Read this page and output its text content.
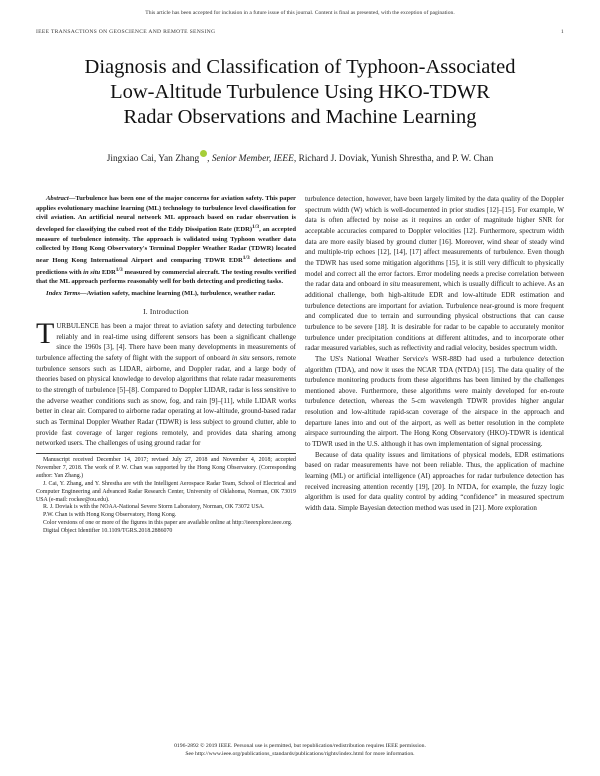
This article has been accepted for inclusion in a future issue of this journal. Content is final as presented, with the exception of pagination.
IEEE TRANSACTIONS ON GEOSCIENCE AND REMOTE SENSING	1
Diagnosis and Classification of Typhoon-Associated
Low-Altitude Turbulence Using HKO-TDWR
Radar Observations and Machine Learning
Jingxiao Cai, Yan Zhang , Senior Member, IEEE, Richard J. Doviak, Yunish Shrestha, and P. W. Chan

Abstract—Turbulence has been one of the major concerns for aviation safety. This paper applies evolutionary machine learning (ML) technology to turbulence level classification for civil aviation. An artificial neural network ML approach based on radar observation is developed for classifying the cubed root of the Eddy Dissipation Rate (EDR)$^{1/3}$, an accepted measure of turbulence intensity. The approach is validated using Typhoon weather data collected by Hong Kong Observatory's Terminal Doppler Weather Radar (TDWR) located near Hong Kong International Airport and comparing TDWR $EDR^{1/3}$ detections and predictions with in situ $EDR^{1/3}$ measured by commercial aircraft. The testing results verified that the ML approach performs reasonably well for both detecting and predicting tasks.

Index Terms—Aviation safety, machine learning (ML), turbulence, weather radar.

I. Introduction

TURBULENCE has been a major threat to aviation safety and detecting turbulence reliably and in real-time using different sensors has been a significant challenge since the 1960s [3], [4]. There have been many developments in measurements of turbulence affecting the safety of flight with the support of onboard in situ sensors, remote turbulence sensors such as LIDAR, airborne, and Doppler radar, and a large body of theories based on physical knowledge to develop algorithms that relate radar measurements to the strength of turbulence [5]–[8]. Compared to Doppler LIDAR, radar is less sensitive to the adverse weather conditions such as snow, fog, and rain [9]–[11], while LIDAR works better in clear air. Compared to airborne radar operating at low-altitude, ground-based radar such as Terminal Doppler Weather Radar (TDWR) is less subject to ground clutter, able to provide fast coverage of larger regions remotely, and provides data sharing among networked users. The challenges of using ground radar for

Manuscript received December 14, 2017; revised July 27, 2018 and November 4, 2018; accepted November 7, 2018. The work of P. W. Chan was supported by the Hong Kong Observatory. (Corresponding author: Yan Zhang.)

J. Cai, Y. Zhang, and Y. Shrestha are with the Intelligent Aerospace Radar Team, School of Electrical and Computer Engineering and Advanced Radar Research Center, University of Oklahoma, Norman, OK 73019 USA (e-mail: rockee@ou.edu).

R. J. Doviak is with the NOAA-National Severe Storm Laboratory, Norman, OK 73072 USA.

P.W. Chan is with Hong Kong Observatory, Hong Kong.

Color versions of one or more of the figures in this paper are available online at http://ieeexplore.ieee.org.

Digital Object Identifier 10.1109/TGRS.2018.2886070

turbulence detection, however, have been largely limited by the data quality of the Doppler spectrum width (W) which is well-documented in prior studies [12]–[15]. For example, W data is often affected by noise as it requires an order of magnitude higher SNR for acceptable accuracies compared to Doppler velocities [12]. Furthermore, spectrum width data are more easily biased by ground clutter [16]. Moreover, wind shear of steady wind and multiple-trip echoes [12], [14], [17] affect measurements of turbulence. Even though the TDWR has used some mitigation algorithms [15], it is still very difficult to physically model and correct all the error factors. Error modeling needs a precise correlation between the radar data and onboard in situ measurement, which is usually difficult to achieve. As an additional challenge, both high-altitude EDR and low-altitude EDR estimation and turbulence detections are important for aviation. Turbulence near-ground is more frequent and complicated due to terrain and surrounding physical obstructions that can cause turbulence to be severe [18]. It is desirable for radar to be capable to accurately monitor turbulence under precipitation conditions at different altitudes, and to incorporate other radar measured variables, such as reflectivity and radial velocity, besides spectrum width.

The US's National Weather Service's WSR-88D had used a turbulence detection algorithm (TDA), and now it uses the NCAR TDA (NTDA) [15]. The data quality of the turbulence monitoring products from these algorithms has been limited by the challenges mentioned above. Furthermore, these algorithms were mainly developed for en-route turbulence detection, whereas the 5-cm wavelength TDWR provides higher angular resolution and low-altitude rapid-scan coverage of the airspace in the approach and departure lanes into and out of the airport, as well as better resolution in the complete airspace surrounding the airport. The Hong Kong Observatory (HKO)-TDWR is identical to TDWR used in the U.S. although it has own implementation of signal processing.

Because of data quality issues and limitations of physical models, EDR estimations based on radar measurements have not been reliable. Thus, the application of machine learning (ML) or artificial intelligence (AI) approaches for radar turbulence detection has received increasing attention recently [19], [20]. In NTDA, for example, the fuzzy logic algorithm is used for data quality control by adding “confidence” in measured spectrum width data. Simple Bayesian detection method was used in [21]. More exploration

0196-2892 © 2019 IEEE. Personal use is permitted, but republication/redistribution requires IEEE permission.
See http://www.ieee.org/publications_standards/publications/rights/index.html for more information.
